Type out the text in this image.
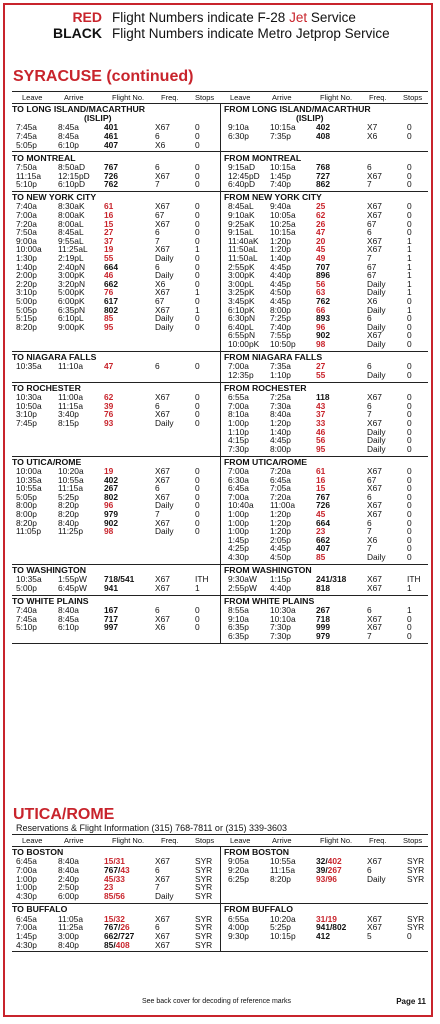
RED Flight Numbers indicate F-28 Jet Service
BLACK Flight Numbers indicate Metro Jetprop Service
SYRACUSE (continued)
UTICA/ROME
Reservations & Flight Information (315) 768-7811 or (315) 339-3603
See back cover for decoding of reference marks	Page 11
Leave	Arrive	Flight No. Freq. Stops Leave	Arrive	Flight No. Freq. Stops
TO LONG ISLAND/MACARTHUR
(ISLIP)
7:45a	8:45a	401	X67	0
7:45a	8:45a	461	6	0
5:05p	6:10p	407	X6	0
FROM LONG ISLAND/MACARTHUR
(ISLIP)
9:10a	10:15a 402	X7	0
6:30p	7:35p	408	X6	0
TO MONTREAL
7:50a	8:50aD 767	6	0
11:15a 12:15pD 726	X67	0
5:10p	6:10pD 762	7	0
FROM MONTREAL
9:15aD 10:15a 768	6	0
12:45pD 1:45p	727	X67	0
6:40pD 7:40p	862	7	0
TO NEW YORK CITY
7:40a	8:30aK 61	X67	0
7:00a	8:00aK 16	67	0
7:20a	8:00aL 15	X67	0
7:50a	8:45aL 27	6	0
9:00a	9:55aL 37	7	0
10:00a 11:25aL 19	X67	1
1:30p	2:19pL 55	Daily	0
1:40p	2:40pN 664	6	0
2:00p	3:00pK 46	Daily	0
2:20p	3:20pN 662	X6	0
3:10p	5:00pK 76	X67	1
5:00p	6:00pK 617	67	0
5:05p	6:35pN 802	X67	1
5:15p	6:10pL 85	Daily	0
8:20p	9:00pK 95	Daily	0
FROM NEW YORK CITY
8:45aL 9:40a	25	X67	0
9:10aK 10:05a 62	X67	0
9:25aK 10:25a 26	67	0
9:15aL 10:15a 47	6	0
11:40aK 1:20p	20	X67	1
11:50aL 1:20p	45	X67	1
11:50aL 1:40p	49	7	1
2:55pK 4:45p	707	67	1
3:00pK 4:40p	896	67	1
3:00pL 4:45p	56	Daily	1
3:25pK 4:50p	63	Daily	1
3:45pK 4:45p	762	X6	0
6:10pK 8:00p	66	Daily	1
6:30pN 7:25p	893	6	0
6:40pL 7:40p	96	Daily	0
6:55pN 7:55p	902	X67	0
10:00pK 10:50p 98	Daily	0
TO NIAGARA FALLS
10:35a 11:10a	47	6	0
FROM NIAGARA FALLS
7:00a	7:35a	27	6	0
12:35p 1:10p	55	Daily	0
TO ROCHESTER
10:30a 11:00a	62	X67	0
10:50a 11:15a	39	6	0
3:10p	3:40p	76	X67	0
7:45p	8:15p	93	Daily	0
FROM ROCHESTER
6:55a	7:25a	118	X67	0
7:00a	7:30a	43	6	0
8:10a	8:40a	37	7	0
1:00p	1:20p	33	X67	0
1:10p	1:40p	46	Daily	0
4:15p	4:45p	56	Daily	0
7:30p	8:00p	95	Daily	0
TO UTICA/ROME
10:00a 10:20a 19	X67	0
10:35a 10:55a 402	X67	0
10:55a 11:15a	267	6	0
5:05p	5:25p	802	X67	0
8:00p	8:20p	96	Daily	0
8:00p	8:20p	979	7	0
8:20p	8:40p	902	X67	0
11:05p 11:25p	98	Daily	0
FROM UTICA/ROME
7:00a	7:20a	61	X67	0
6:30a	6:45a	16	67	0
6:45a	7:05a	15	X67	0
7:00a	7:20a	767	6	0
10:40a 11:00a	726	X67	0
1:00p	1:20p	45	X67	0
1:00p	1:20p	664	6	0
1:00p	1:20p	23	7	0
1:45p	2:05p	662	X6	0
4:25p	4:45p	407	7	0
4:30p	4:50p	85	Daily	0
TO WASHINGTON
10:35a 1:55pW 718/541 X67	ITH
5:00p	6:45pW 941	X67	1
FROM WASHINGTON
9:30aW 1:15p	241/318 X67	ITH
2:55pW 4:40p	818	X67	1
TO WHITE PLAINS
7:40a	8:40a	167	6	0
7:45a	8:45a	717	X67	0
5:10p	6:10p	997	X6	0
FROM WHITE PLAINS
8:55a	10:30a 267	6	1
9:10a	10:10a 718	X67	0
6:35p	7:30p	999	X67	0
6:35p	7:30p	979	7	0
Leave	Arrive	Flight No. Freq. Stops Leave	Arrive	Flight No. Freq. Stops
TO BOSTON
6:45a	8:40a	15/31	X67	SYR
7:00a	8:40a	767/43	6	SYR
1:00p	2:40p	45/33	X67	SYR
1:00p	2:50p	23	7	SYR
4:30p	6:00p	85/56	Daily	SYR
FROM BOSTON
9:05a	10:55a 32/402	X67	SYR
9:20a	11:15a	39/267	6	SYR
6:25p	8:20p	93/96	Daily	SYR
TO BUFFALO
6:45a	11:05a	15/32	X67	SYR
7:00a	11:25a	767/26	6	SYR
1:45p	3:00p	662/727 X67	SYR
4:30p	8:40p	85/408	X67	SYR
FROM BUFFALO
6:55a	10:20a 31/19	X67	SYR
4:00p	5:25p	941/802 X67	SYR
9:30p	10:15p 412	5	0
